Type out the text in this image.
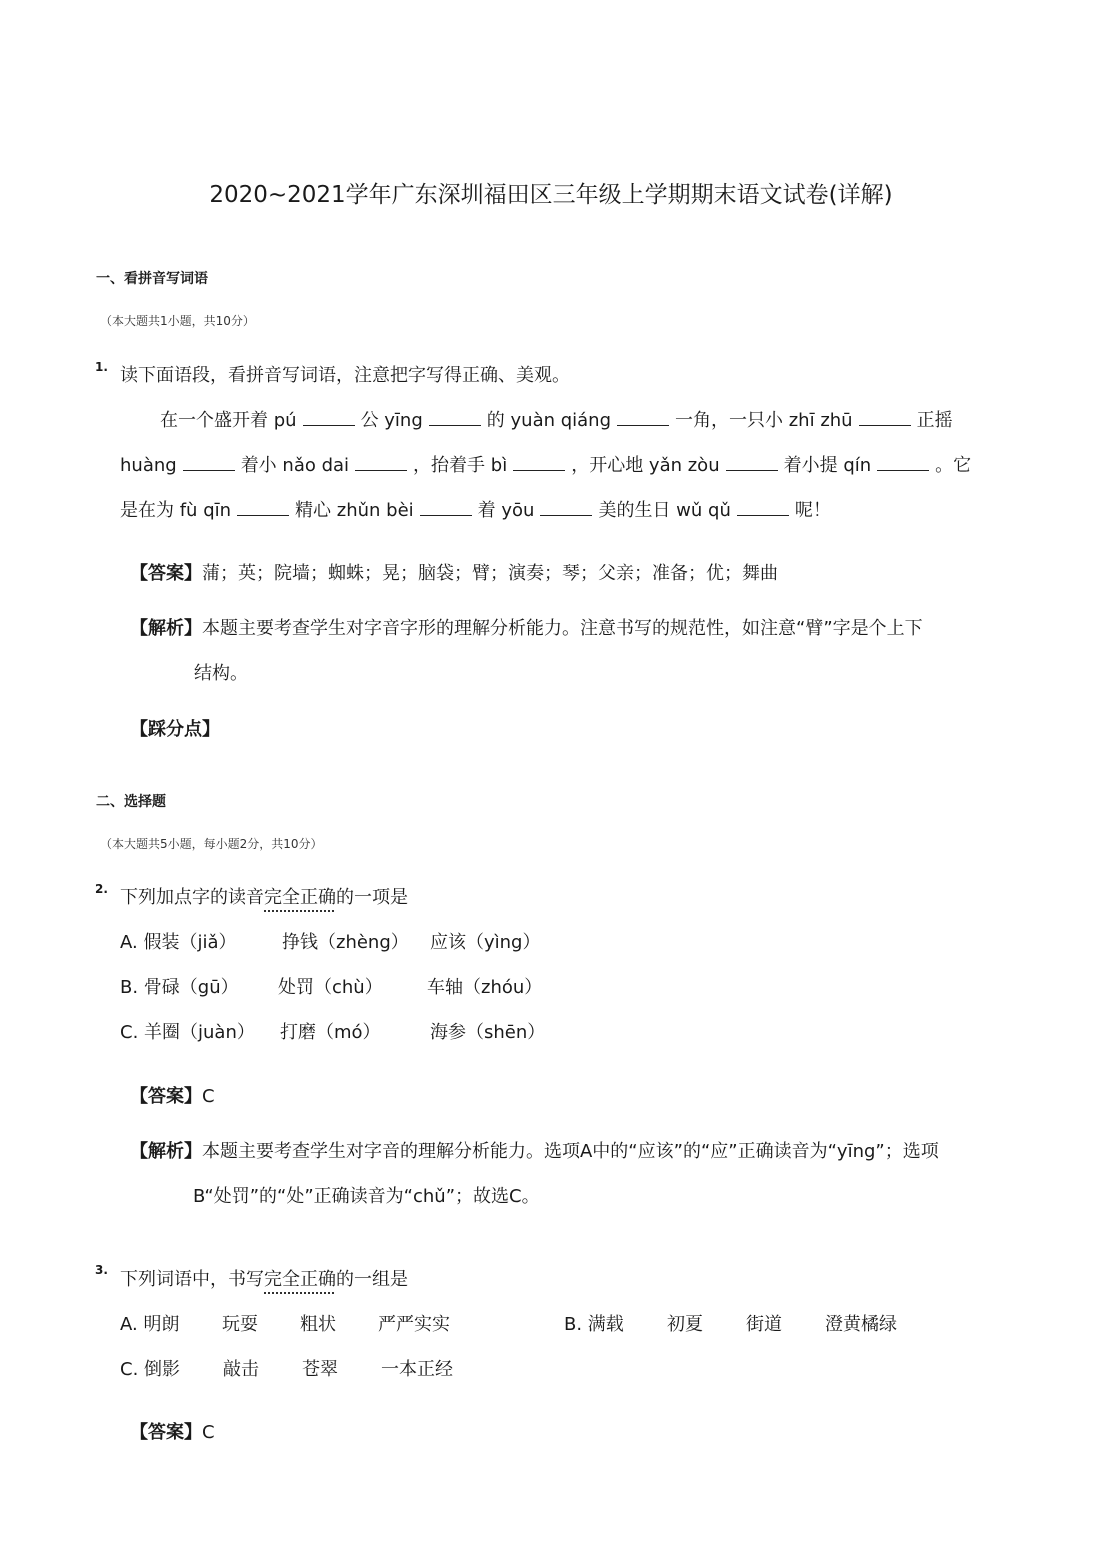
2020~2021学年广东深圳福田区三年级上学期期末语文试卷(详解)
一、看拼音写词语
（本大题共1小题，共10分）
1. 读下面语段，看拼音写词语，注意把字写得正确、美观。
在一个盛开着 pú	公 yīng	的 yuàn qiáng	一角，一只小 zhī zhū	正摇
huàng	着小 nǎo dai	，抬着手 bì	，开心地 yǎn zòu	着小提 qín	。它
是在为 fù qīn	精心 zhǔn bèi	着 yōu	美的生日 wǔ qǔ	呢！
【答案】蒲；英；院墙；蜘蛛；晃；脑袋；臂；演奏；琴；父亲；准备；优；舞曲
【解析】本题主要考查学生对字音字形的理解分析能力。注意书写的规范性，如注意“臂”字是个上下
结构。
【踩分点】
二、选择题
（本大题共5小题，每小题2分，共10分）
2. 下列加点字的读音完全正确的一项是
A. 假装（jiǎ）	挣钱（zhèng） 应该（yìng）
B. 骨碌（gū） 处罚（chù） 车轴（zhóu）
C. 羊圈（juàn） 打磨（mó）	海参（shēn）
【答案】C
【解析】本题主要考查学生对字音的理解分析能力。选项A中的“应该”的“应”正确读音为“yīng”；选项
B“处罚”的“处”正确读音为“chǔ”；故选C。
3. 下列词语中，书写完全正确的一组是
A. 明朗 玩耍 粗状 严严实实	B. 满载 初夏 街道 澄黄橘绿
C. 倒影 敲击 苍翠 一本正经
【答案】C
